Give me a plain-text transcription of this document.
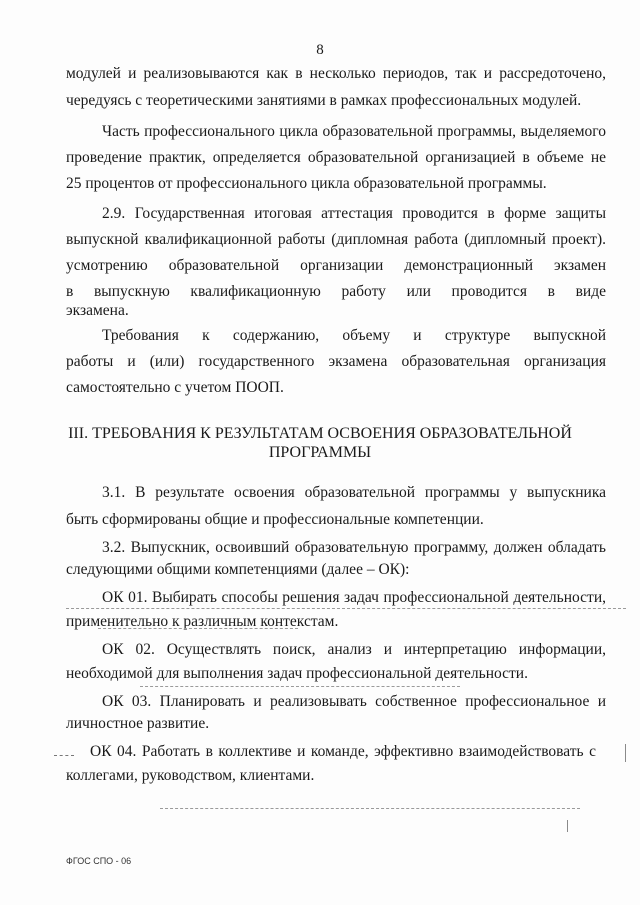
8
модулей и реализовываются как в несколько периодов, так и рассредоточено,
чередуясь с теоретическими занятиями в рамках профессиональных модулей.
Часть профессионального цикла образовательной программы, выделяемого
проведение практик, определяется образовательной организацией в объеме не
25 процентов от профессионального цикла образовательной программы.
2.9. Государственная итоговая аттестация проводится в форме защиты
выпускной квалификационной работы (дипломная работа (дипломный проект).
усмотрению образовательной организации демонстрационный экзамен
в выпускную квалификационную работу или проводится в виде
экзамена.
Требования к содержанию, объему и структуре выпускной
работы и (или) государственного экзамена образовательная организация
самостоятельно с учетом ПООП.
III. ТРЕБОВАНИЯ К РЕЗУЛЬТАТАМ ОСВОЕНИЯ ОБРАЗОВАТЕЛЬНОЙ
ПРОГРАММЫ
3.1. В результате освоения образовательной программы у выпускника
быть сформированы общие и профессиональные компетенции.
3.2. Выпускник, освоивший образовательную программу, должен обладать
следующими общими компетенциями (далее – ОК):
ОК 01. Выбирать способы решения задач профессиональной деятельности,
применительно к различным контекстам.
ОК 02. Осуществлять поиск, анализ и интерпретацию информации,
необходимой для выполнения задач профессиональной деятельности.
ОК 03. Планировать и реализовывать собственное профессиональное и
личностное развитие.
ОК 04. Работать в коллективе и команде, эффективно взаимодействовать с
коллегами, руководством, клиентами.
ФГОС СПО - 06
